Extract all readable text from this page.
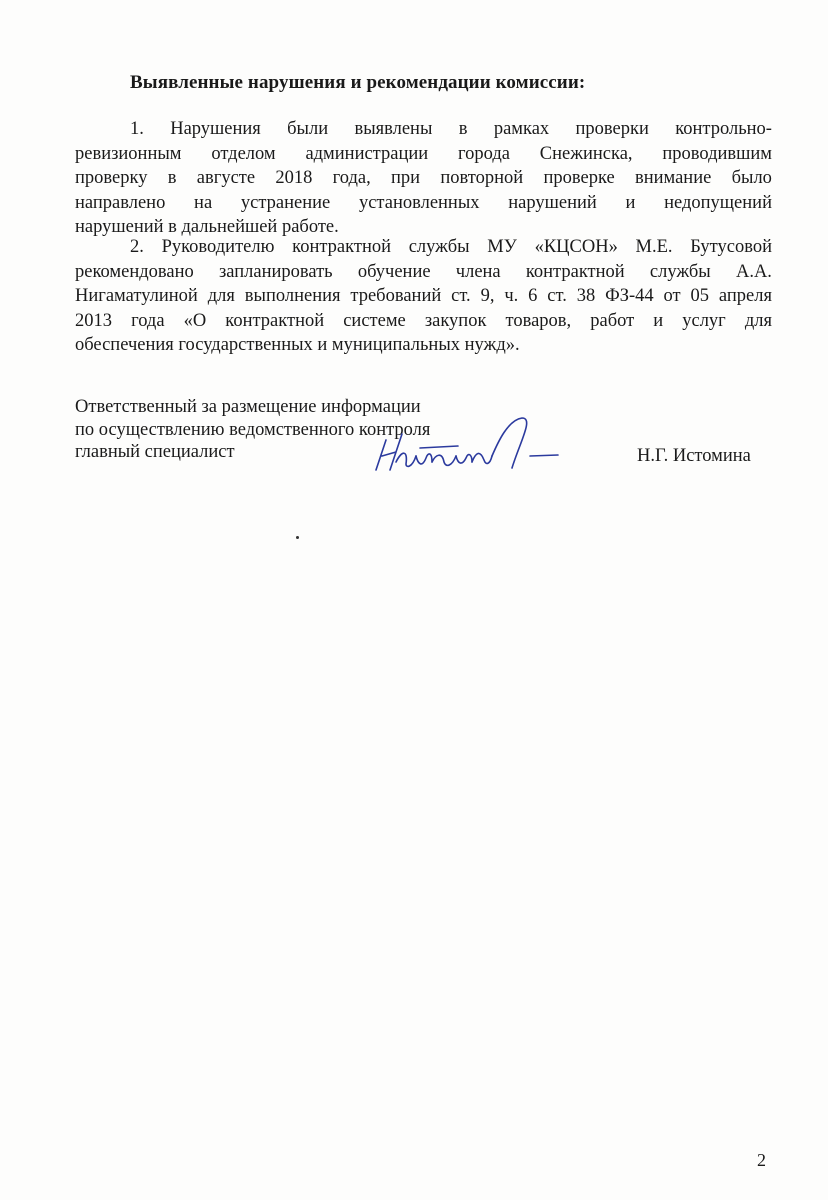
Выявленные нарушения и рекомендации комиссии:
1. Нарушения были выявлены в рамках проверки контрольно-
ревизионным отделом администрации города Снежинска, проводившим
проверку в августе 2018 года, при повторной проверке внимание было
направлено на устранение установленных нарушений и недопущений
нарушений в дальнейшей работе.
2. Руководителю контрактной службы МУ «КЦСОН» М.Е. Бутусовой
рекомендовано запланировать обучение члена контрактной службы А.А.
Нигаматулиной для выполнения требований ст. 9, ч. 6 ст. 38 ФЗ-44 от 05 апреля
2013 года «О контрактной системе закупок товаров, работ и услуг для
обеспечения государственных и муниципальных нужд».
Ответственный за размещение информации
по осуществлению ведомственного контроля
главный специалист	Н.Г. Истомина
2
